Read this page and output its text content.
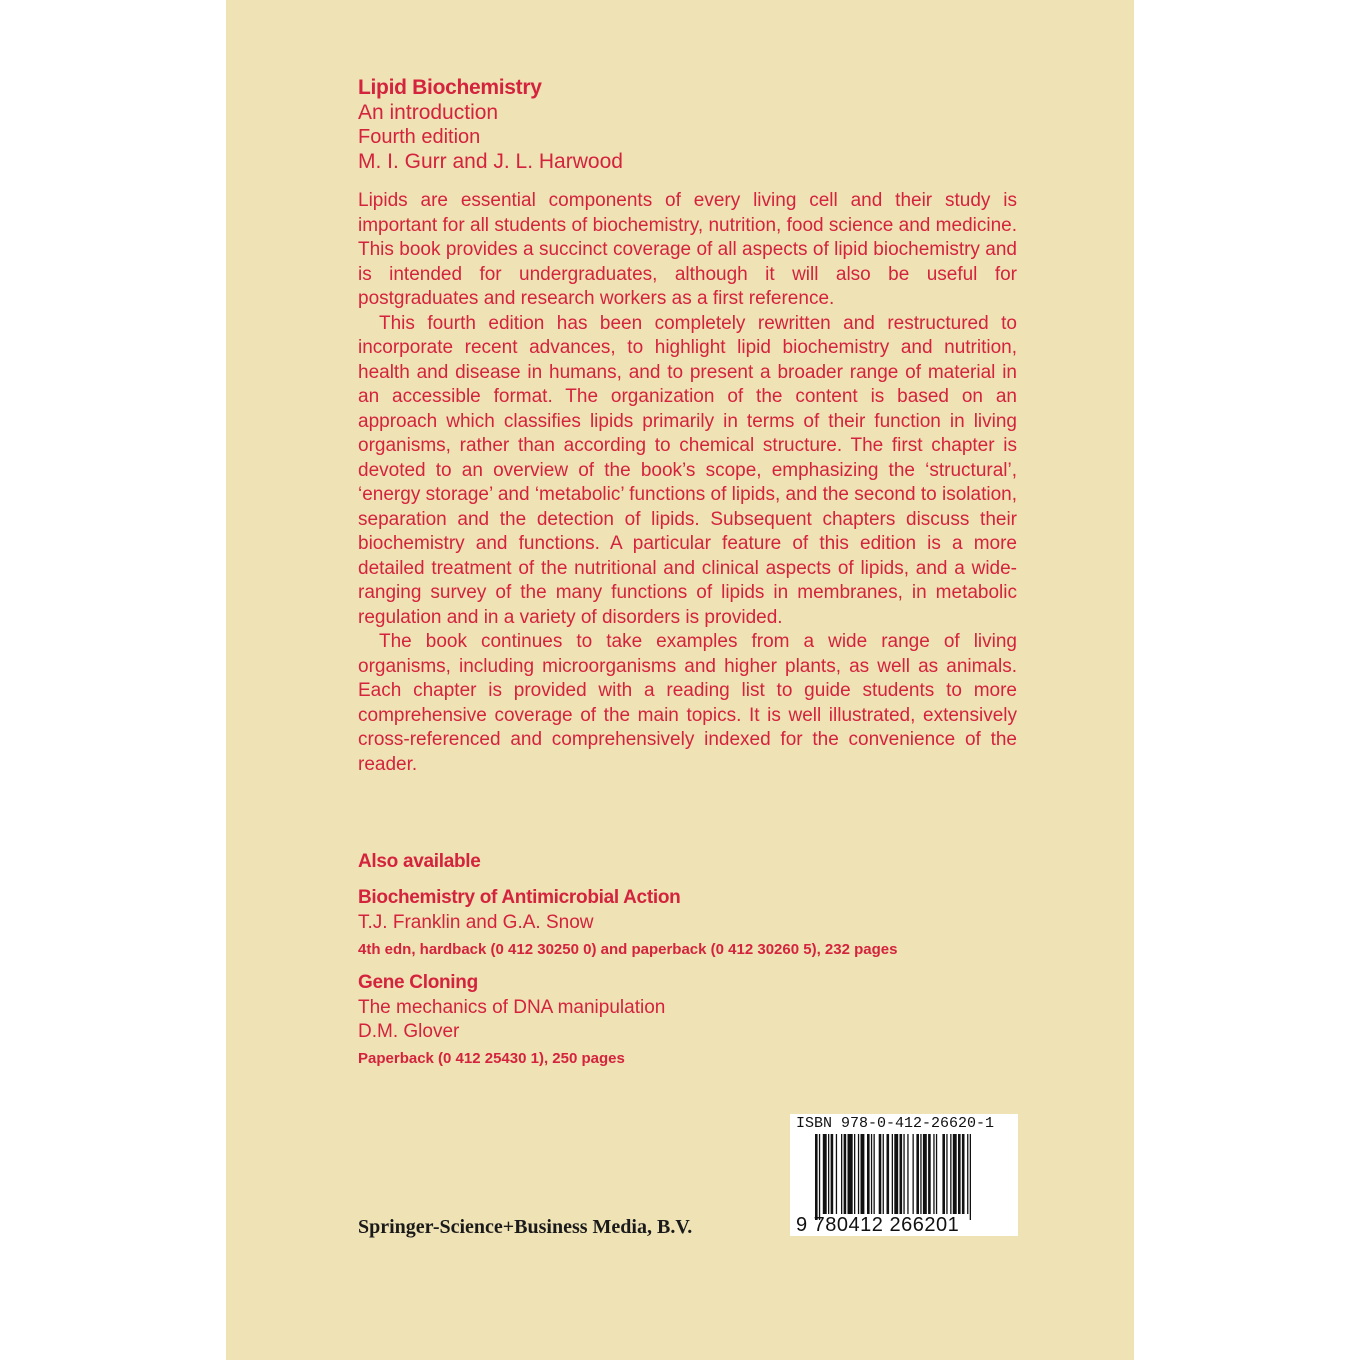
Lipid Biochemistry
An introduction
Fourth edition
M. I. Gurr and J. L. Harwood

Lipids are essential components of every living cell and their study is important for all students of biochemistry, nutrition, food science and medicine. This book provides a succinct coverage of all aspects of lipid biochemistry and is intended for undergraduates, although it will also be useful for postgraduates and research workers as a first reference.

This fourth edition has been completely rewritten and restructured to incorporate recent advances, to highlight lipid biochemistry and nutrition, health and disease in humans, and to present a broader range of material in an accessible format. The organization of the content is based on an approach which classifies lipids primarily in terms of their function in living organisms, rather than according to chemical structure. The first chapter is devoted to an overview of the book’s scope, emphasizing the ‘structural’, ‘energy storage’ and ‘metabolic’ functions of lipids, and the second to isolation, separation and the detection of lipids. Subsequent chapters discuss their biochemistry and functions. A particular feature of this edition is a more detailed treatment of the nutritional and clinical aspects of lipids, and a wide-ranging survey of the many functions of lipids in membranes, in metabolic regulation and in a variety of disorders is provided.

The book continues to take examples from a wide range of living organisms, including microorganisms and higher plants, as well as animals. Each chapter is provided with a reading list to guide students to more comprehensive coverage of the main topics. It is well illustrated, extensively cross-referenced and comprehensively indexed for the convenience of the reader.

Also available
Biochemistry of Antimicrobial Action
T.J. Franklin and G.A. Snow
4th edn, hardback (0 412 30250 0) and paperback (0 412 30260 5), 232 pages
Gene Cloning
The mechanics of DNA manipulation
D.M. Glover
Paperback (0 412 25430 1), 250 pages
Springer-Science+Business Media, B.V.
ISBN 978-0-412-26620-1
9 780412 266201
